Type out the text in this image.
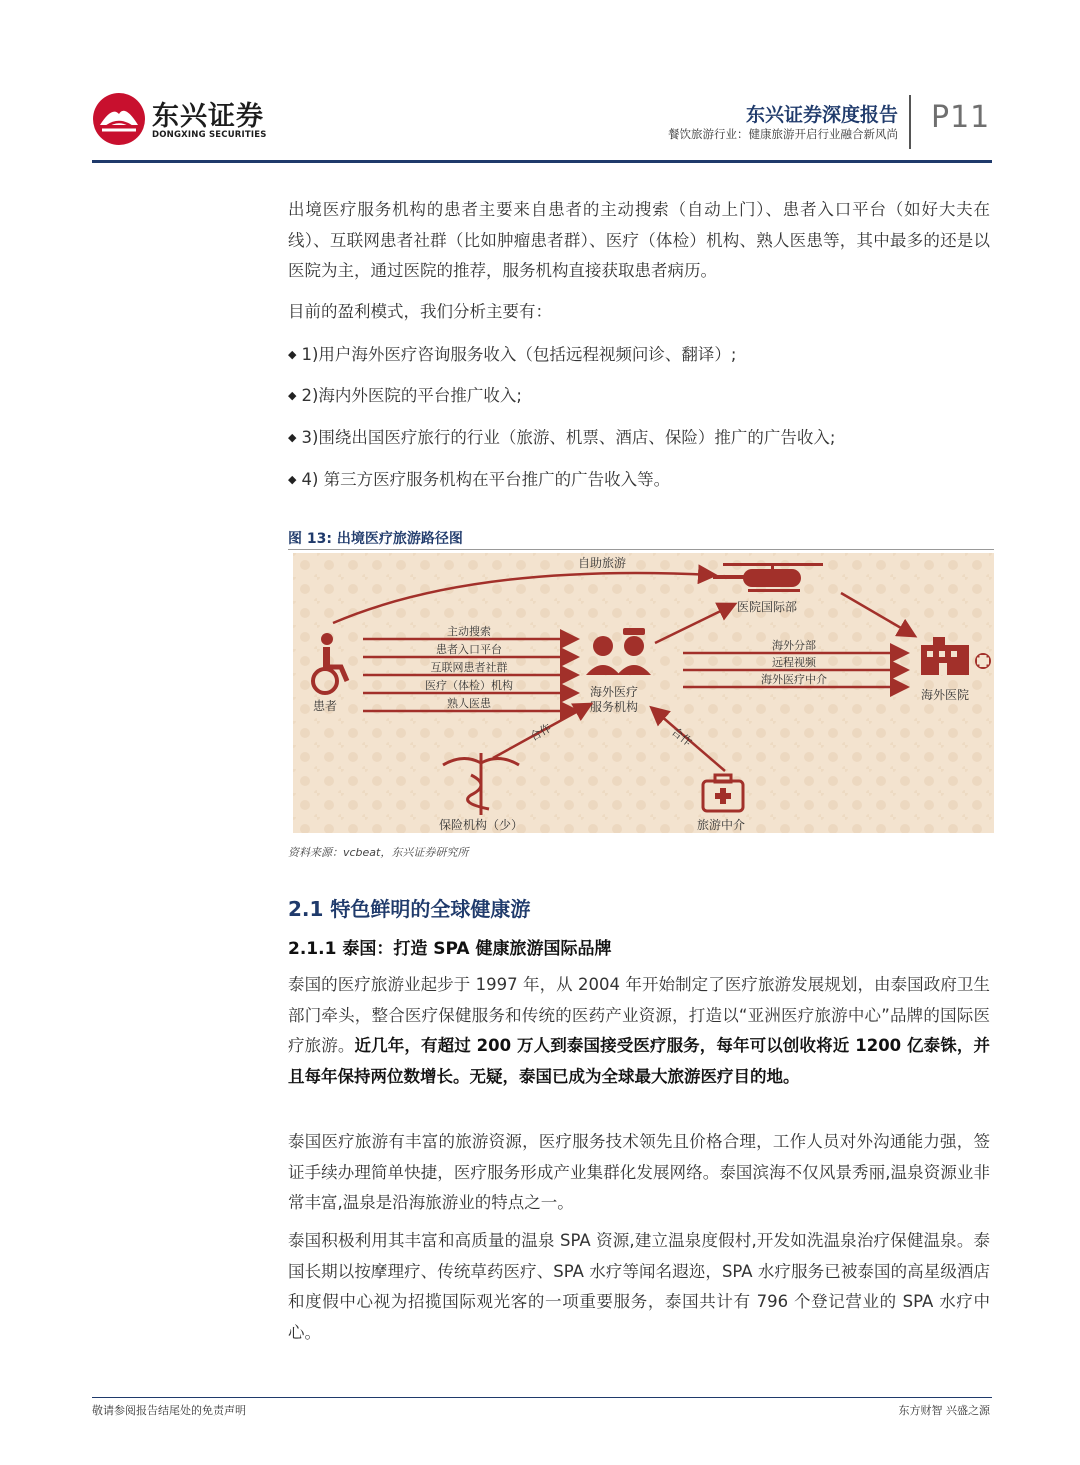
东兴证券
DONGXING SECURITIES
东兴证券深度报告
餐饮旅游行业：健康旅游开启行业融合新风尚 P11
出境医疗服务机构的患者主要来自患者的主动搜索（自动上门）、患者入口平台（如好大夫在线）、互联网患者社群（比如肿瘤患者群）、医疗（体检）机构、熟人医患等，其中最多的还是以医院为主，通过医院的推荐，服务机构直接获取患者病历。
目前的盈利模式，我们分析主要有：
◆ 1)用户海外医疗咨询服务收入（包括远程视频问诊、翻译）;
◆ 2)海内外医院的平台推广收入;
◆ 3)围绕出国医疗旅行的行业（旅游、机票、酒店、保险）推广的广告收入;
◆ 4) 第三方医疗服务机构在平台推广的广告收入等。
图 13: 出境医疗旅游路径图
自助旅游
医院国际部
患者
主动搜索
患者入口平台
互联网患者社群
医疗（体检）机构
熟人医患
海外医疗服务机构
海外分部
远程视频
海外医疗中介
海外医院
合作	合作
保险机构（少）	旅游中介
资料来源：vcbeat，东兴证券研究所
2.1 特色鲜明的全球健康游
2.1.1 泰国：打造 SPA 健康旅游国际品牌
泰国的医疗旅游业起步于 1997 年，从 2004 年开始制定了医疗旅游发展规划，由泰国政府卫生部门牵头，整合医疗保健服务和传统的医药产业资源，打造以“亚洲医疗旅游中心”品牌的国际医疗旅游。近几年，有超过 200 万人到泰国接受医疗服务，每年可以创收将近 1200 亿泰铢，并且每年保持两位数增长。无疑，泰国已成为全球最大旅游医疗目的地。
泰国医疗旅游有丰富的旅游资源，医疗服务技术领先且价格合理，工作人员对外沟通能力强，签证手续办理简单快捷，医疗服务形成产业集群化发展网络。泰国滨海不仅风景秀丽,温泉资源业非常丰富,温泉是沿海旅游业的特点之一。
泰国积极利用其丰富和高质量的温泉 SPA 资源,建立温泉度假村,开发如洗温泉治疗保健温泉。泰国长期以按摩理疗、传统草药医疗、SPA 水疗等闻名遐迩，SPA 水疗服务已被泰国的高星级酒店和度假中心视为招揽国际观光客的一项重要服务，泰国共计有 796 个登记营业的 SPA 水疗中心。
敬请参阅报告结尾处的免责声明	东方财智 兴盛之源
